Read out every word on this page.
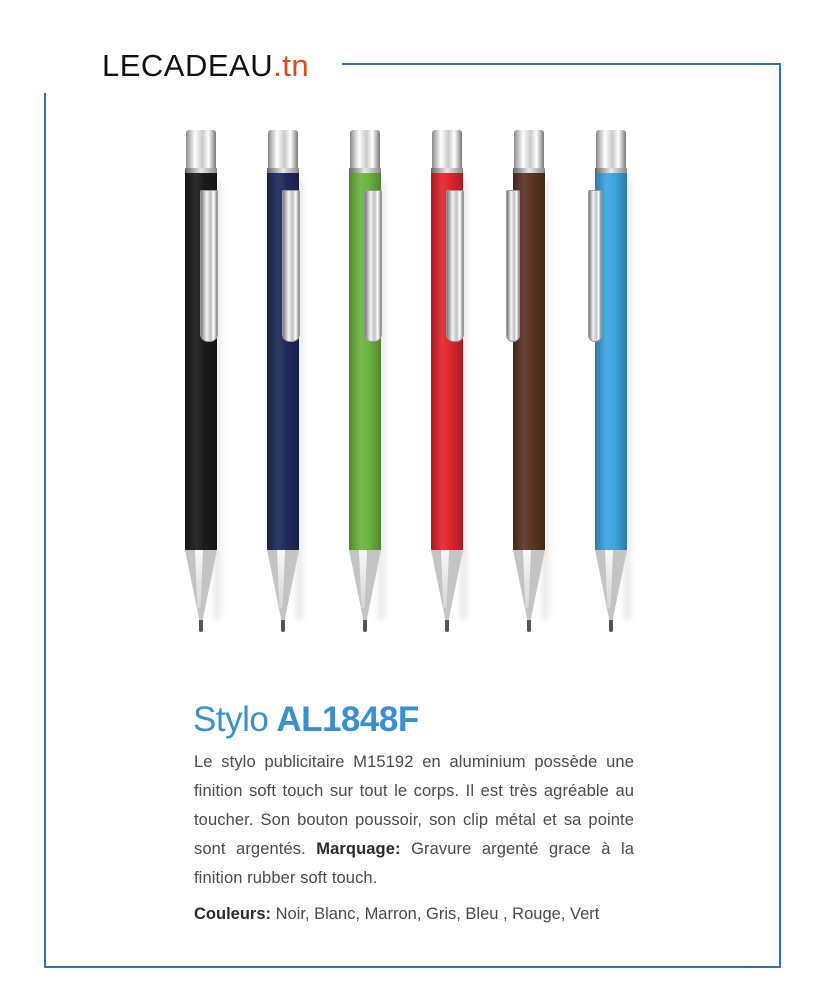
LECADEAU.tn
Stylo AL1848F
Le stylo publicitaire M15192 en aluminium possède une finition soft touch sur tout le corps. Il est très agréable au toucher. Son bouton poussoir, son clip métal et sa pointe sont argentés. Marquage: Gravure argenté grace à la finition rubber soft touch.
Couleurs: Noir, Blanc, Marron, Gris, Bleu , Rouge, Vert
